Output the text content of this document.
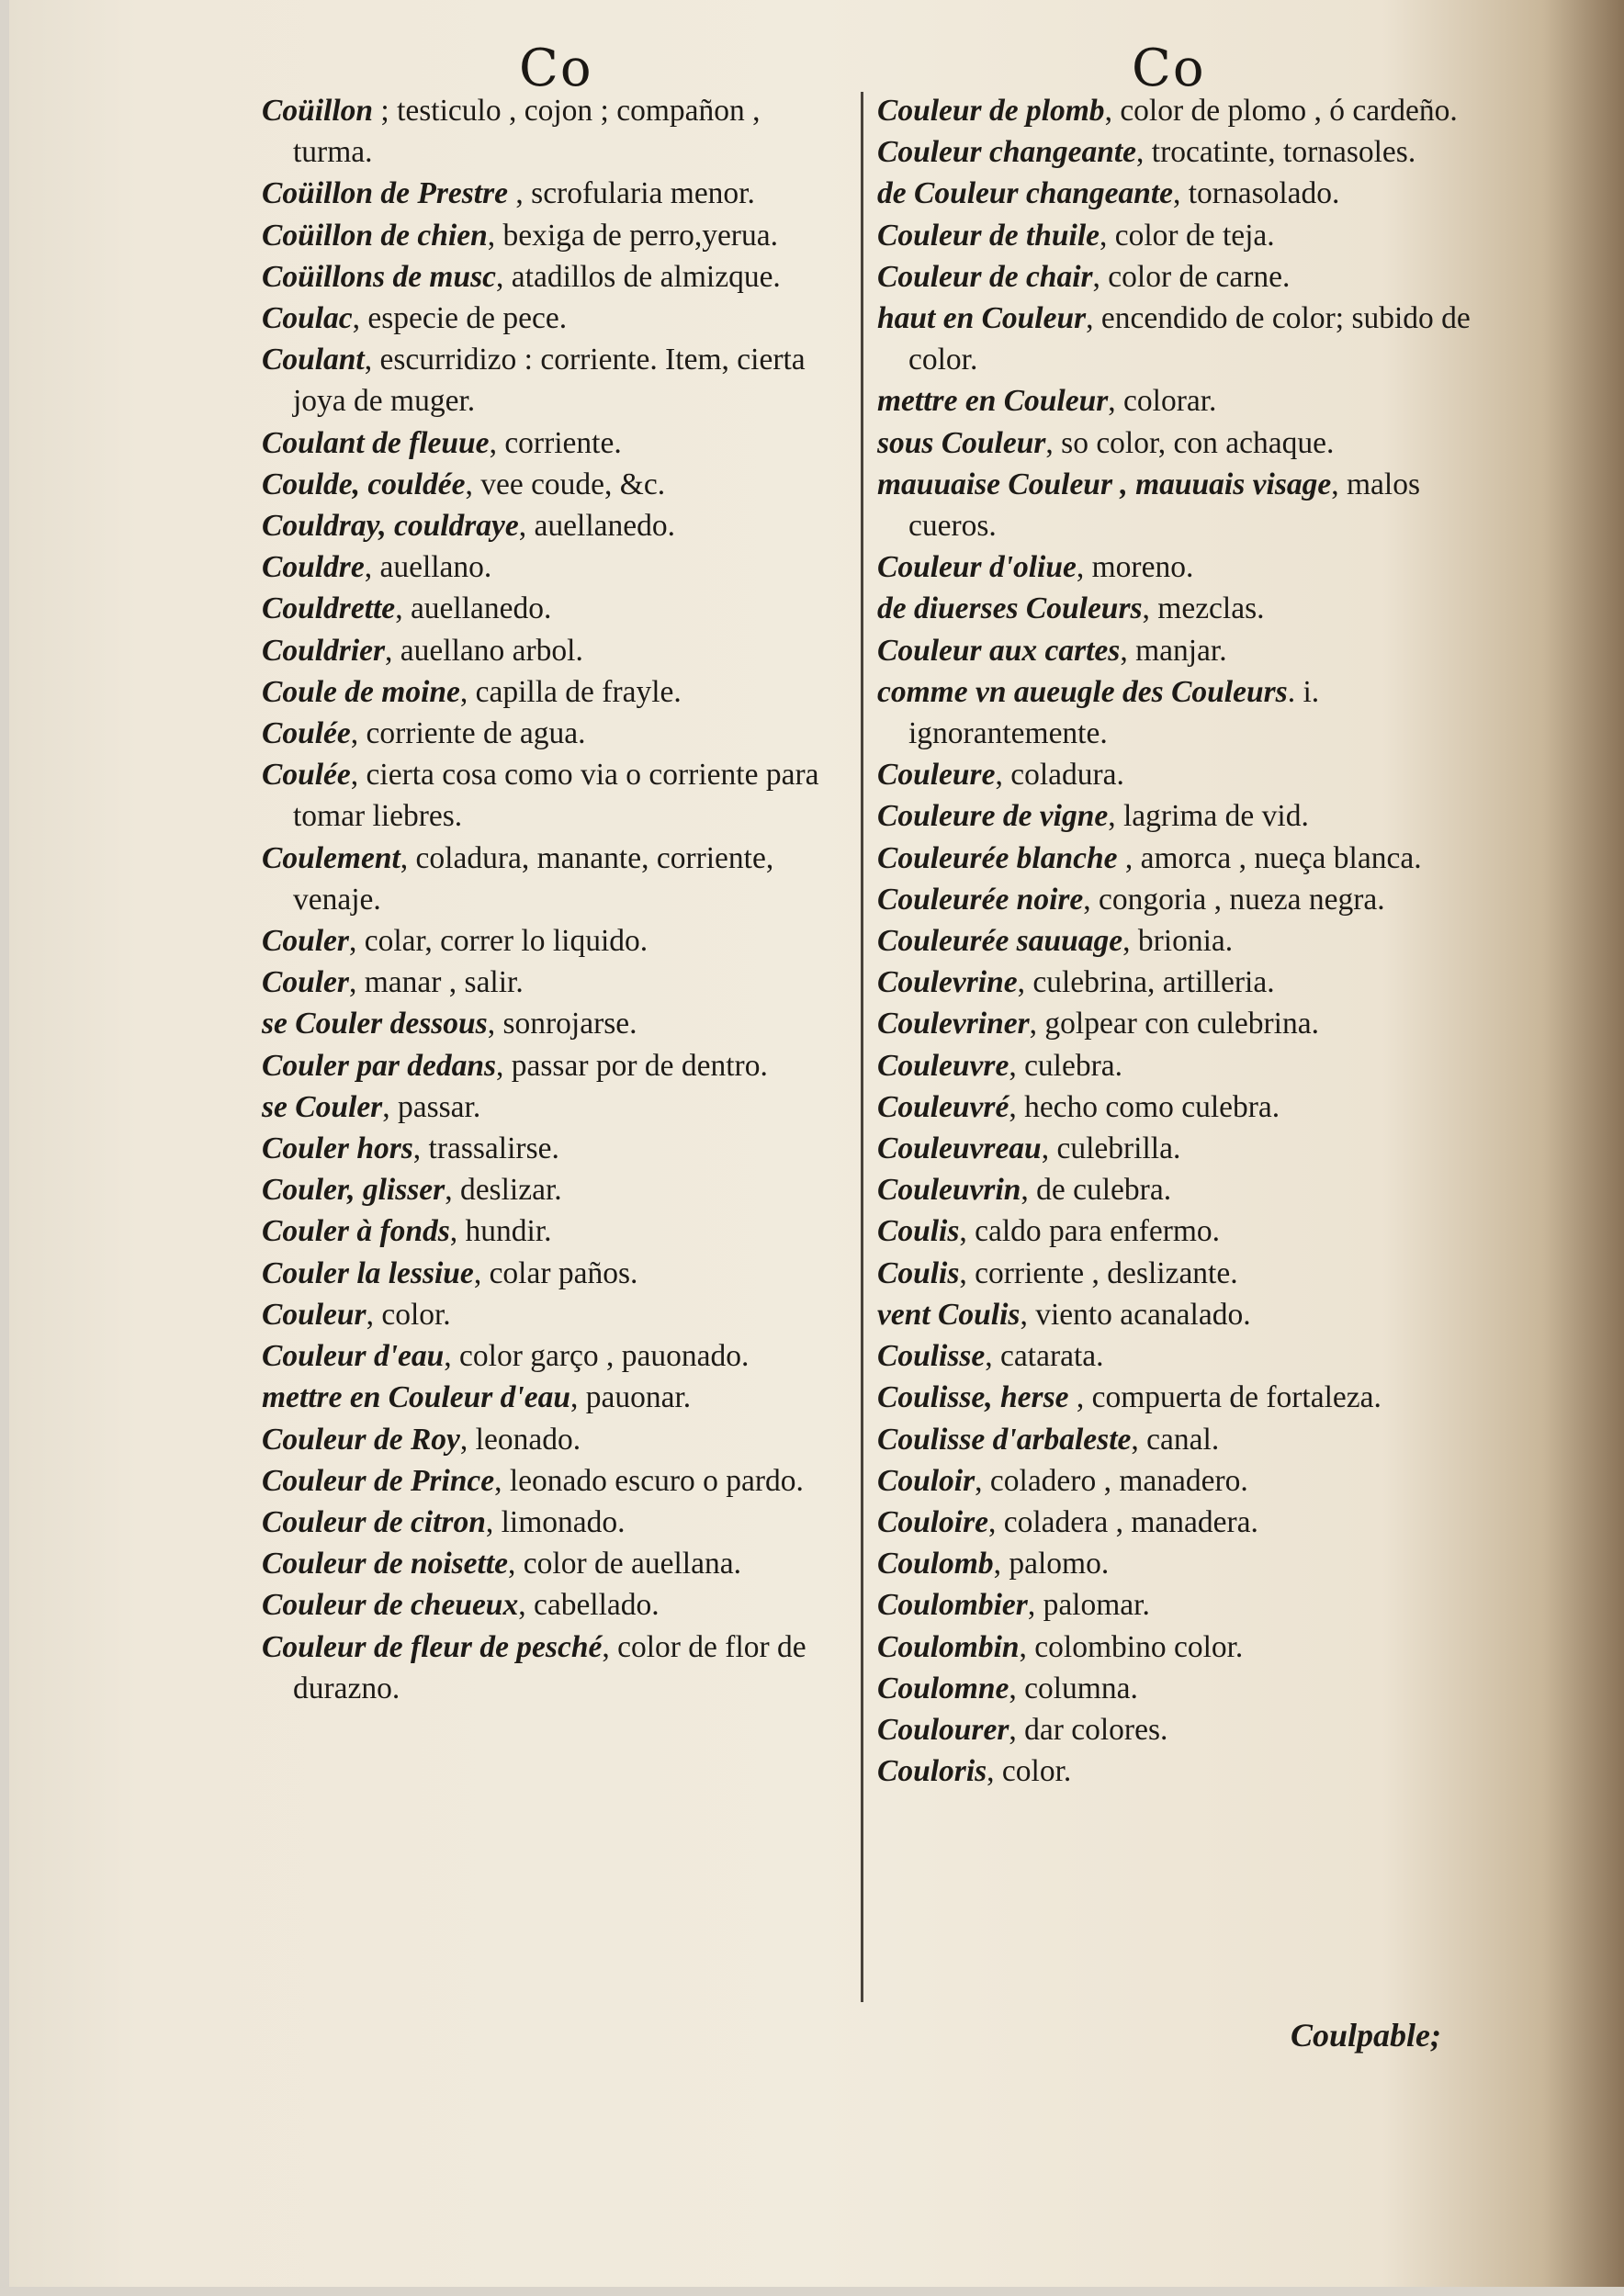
Co	Co
Coüillon ; testiculo , cojon ; compañon , turma.
Coüillon de Prestre , scrofularia menor.
Coüillon de chien, bexiga de perro,yerua.
Coüillons de musc, atadillos de almizque.
Coulac, especie de pece.
Coulant, escurridizo : corriente. Item, cierta joya de muger.
Coulant de fleuue, corriente.
Coulde, couldée, vee coude, &c.
Couldray, couldraye, auellanedo.
Couldre, auellano.
Couldrette, auellanedo.
Couldrier, auellano arbol.
Coule de moine, capilla de frayle.
Coulée, corriente de agua.
Coulée, cierta cosa como via o corriente para tomar liebres.
Coulement, coladura, manante, corriente, venaje.
Couler, colar, correr lo liquido.
Couler, manar , salir.
se Couler dessous, sonrojarse.
Couler par dedans, passar por de dentro.
se Couler, passar.
Couler hors, trassalirse.
Couler, glisser, deslizar.
Couler à fonds, hundir.
Couler la lessiue, colar paños.
Couleur, color.
Couleur d'eau, color garço , pauonado.
mettre en Couleur d'eau, pauonar.
Couleur de Roy, leonado.
Couleur de Prince, leonado escuro o pardo.
Couleur de citron, limonado.
Couleur de noisette, color de auellana.
Couleur de cheueux, cabellado.
Couleur de fleur de pesché, color de flor de durazno.
Couleur de plomb, color de plomo , ó cardeño.
Couleur changeante, trocatinte, tornasoles.
de Couleur changeante, tornasolado.
Couleur de thuile, color de teja.
Couleur de chair, color de carne.
haut en Couleur, encendido de color; subido de color.
mettre en Couleur, colorar.
sous Couleur, so color, con achaque.
mauuaise Couleur , mauuais visage, malos cueros.
Couleur d'oliue, moreno.
de diuerses Couleurs, mezclas.
Couleur aux cartes, manjar.
comme vn aueugle des Couleurs. i. ignorantemente.
Couleure, coladura.
Couleure de vigne, lagrima de vid.
Couleurée blanche , amorca , nueça blanca.
Couleurée noire, congoria , nueza negra.
Couleurée sauuage, brionia.
Coulevrine, culebrina, artilleria.
Coulevriner, golpear con culebrina.
Couleuvre, culebra.
Couleuvré, hecho como culebra.
Couleuvreau, culebrilla.
Couleuvrin, de culebra.
Coulis, caldo para enfermo.
Coulis, corriente , deslizante.
vent Coulis, viento acanalado.
Coulisse, catarata.
Coulisse, herse , compuerta de fortaleza.
Coulisse d'arbaleste, canal.
Couloir, coladero , manadero.
Couloire, coladera , manadera.
Coulomb, palomo.
Coulombier, palomar.
Coulombin, colombino color.
Coulomne, columna.
Coulourer, dar colores.
Couloris, color.
Coulpable;
